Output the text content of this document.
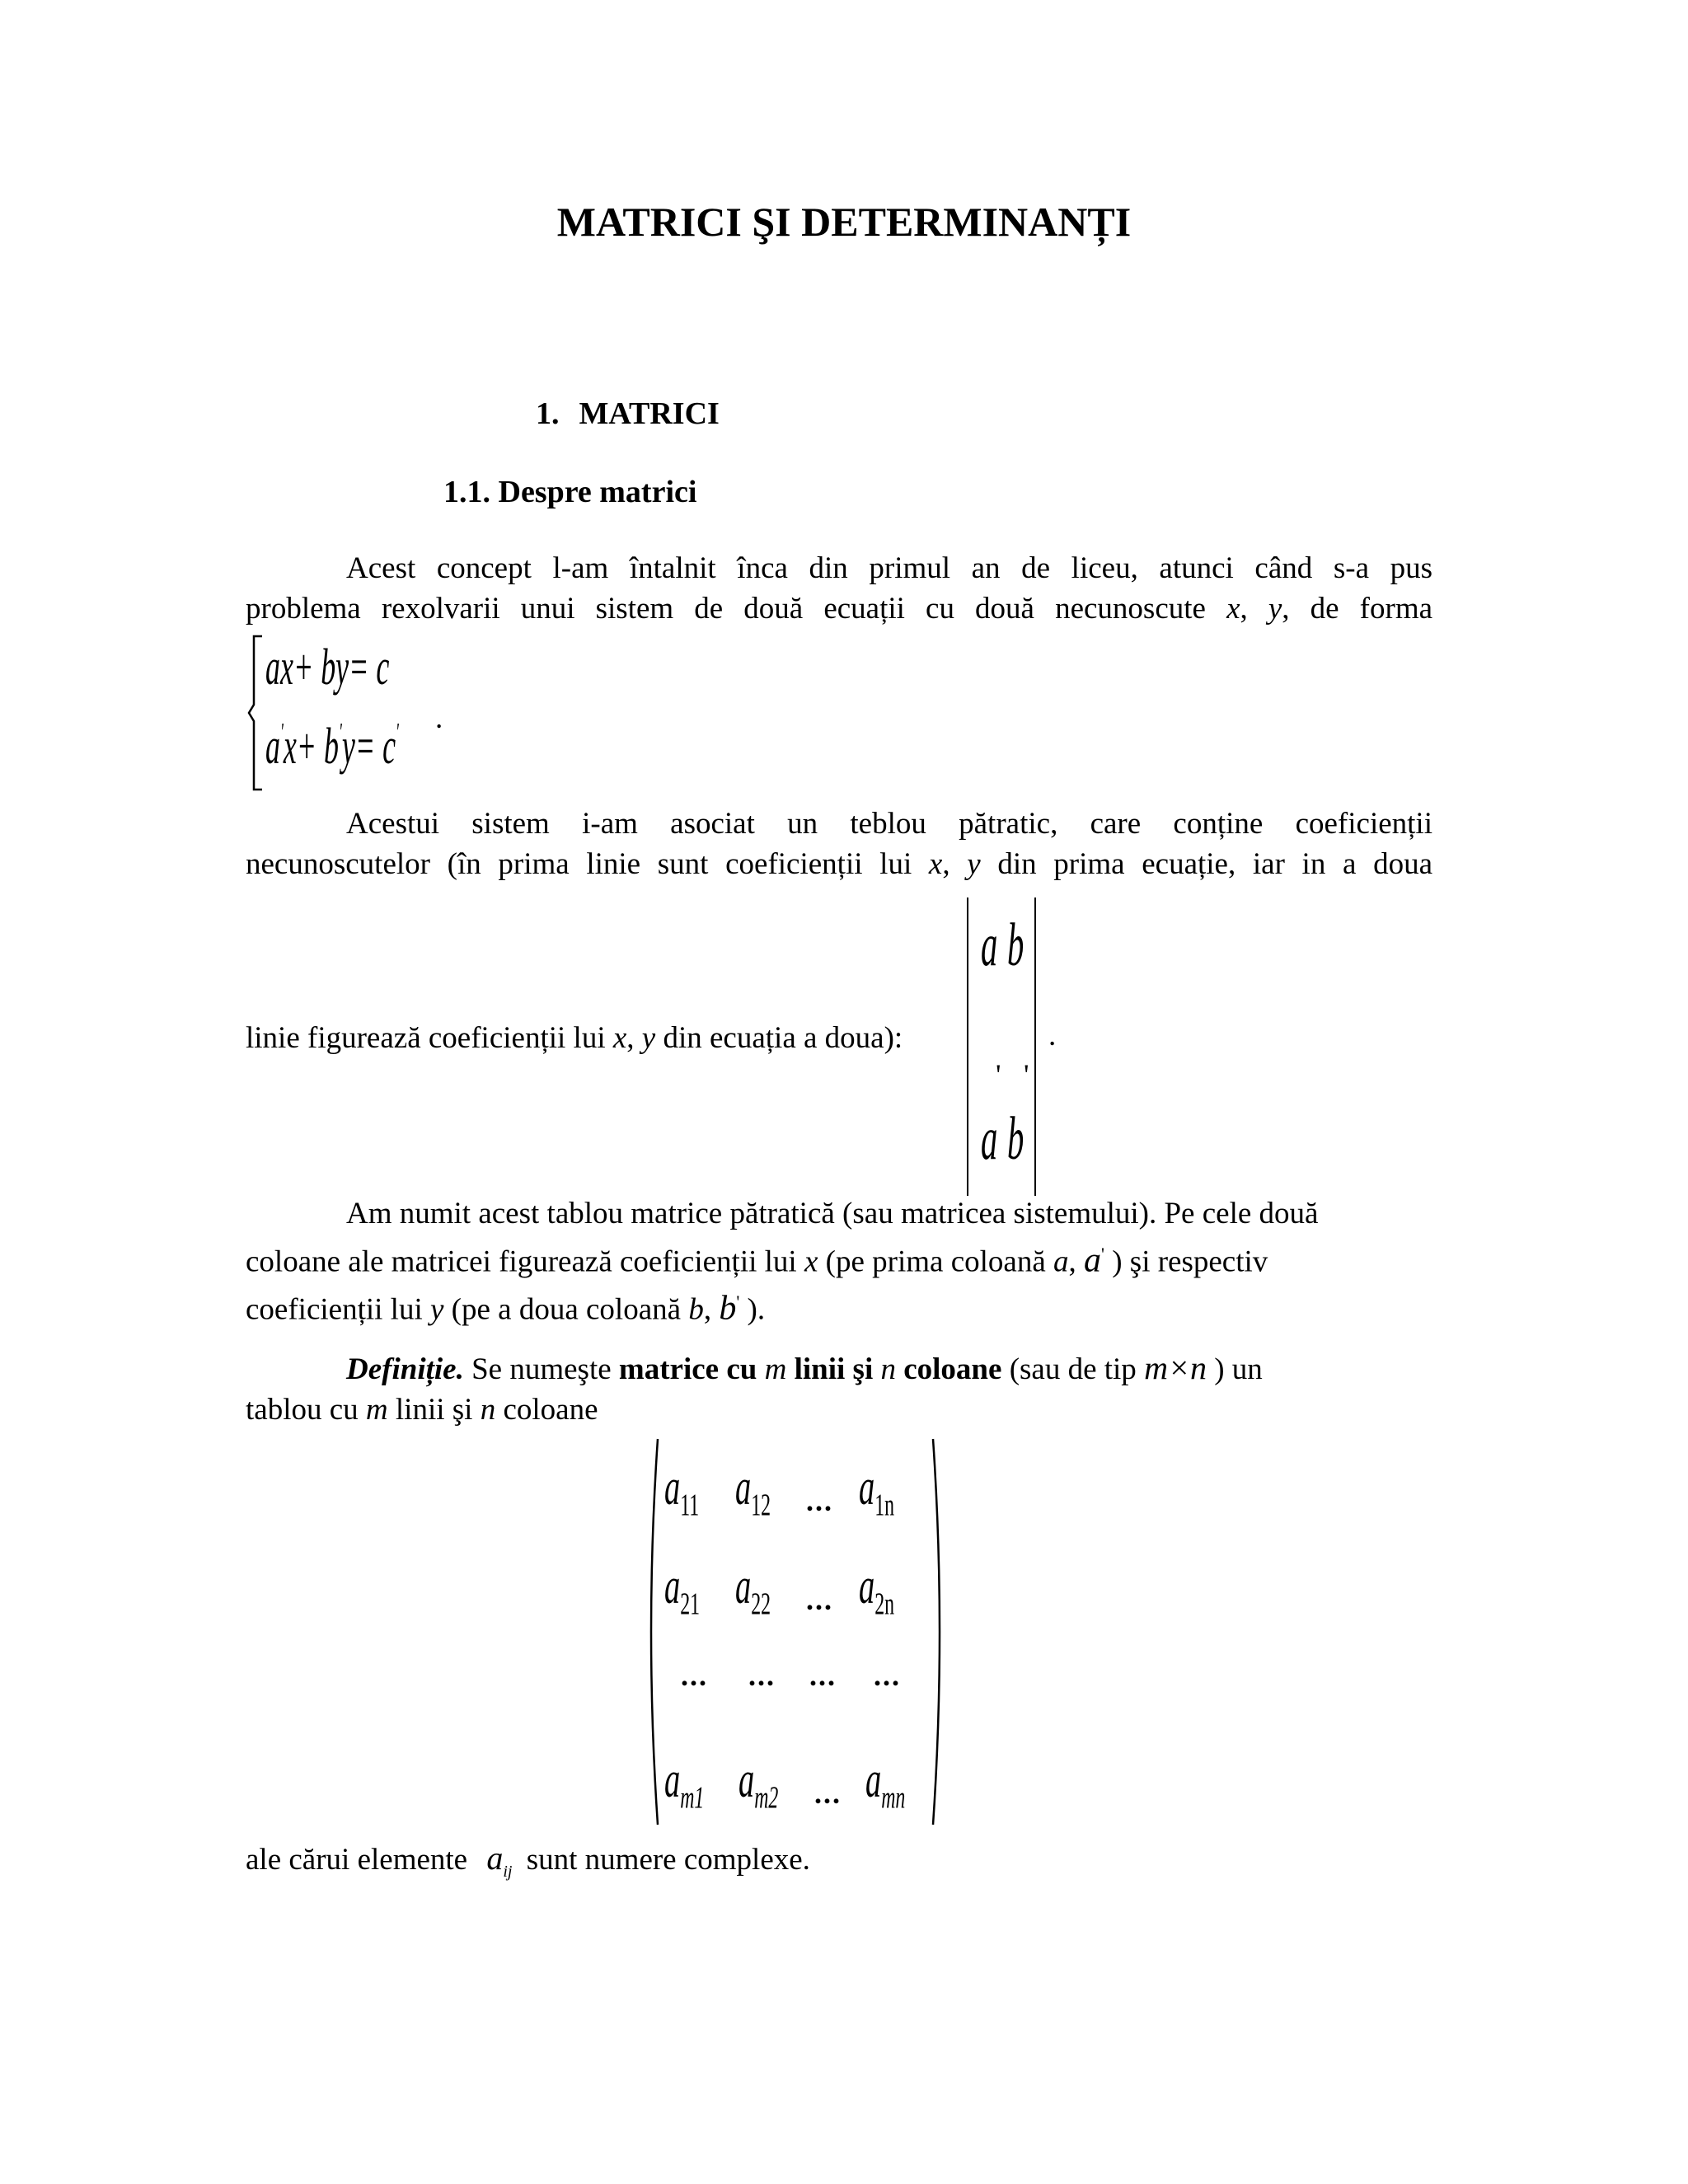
MATRICI ŞI DETERMINANȚI
1. MATRICI
1.1. Despre matrici

Acest concept l-am întalnit înca din primul an de liceu, atunci când s-a pus

problema rexolvarii unui sistem de două ecuații cu două necunoscute x, y, de forma

ax+ by= c
a'x+ b'y= c'	.

Acestui sistem i-am asociat un teblou pătratic, care conține coeficienții

necunoscutelor (în prima linie sunt coeficienții lui x, y din prima ecuație, iar in a doua

linie figurează coeficienții lui x, y din ecuația a doua):
a b
a b
' '
.

Am numit acest tablou matrice pătratică (sau matricea sistemului). Pe cele două

coloane ale matricei figurează coeficienții lui x (pe prima coloană a, a' ) şi respectiv

coeficienții lui y (pe a doua coloană b, b' ).

Definiție. Se numeşte matrice cu m linii şi n coloane (sau de tip m×n ) un

tablou cu m linii şi n coloane

$a_{11}$ $a_{12}$ ... $a_{1n}$
$a_{21}$ $a_{22}$ ... $a_{2n}$
... ... ... ...
$a_{m1}$ $a_{m2}$ ... $a_{mn}$
ale cărui elemente $a_{ij}$ sunt numere complexe.
